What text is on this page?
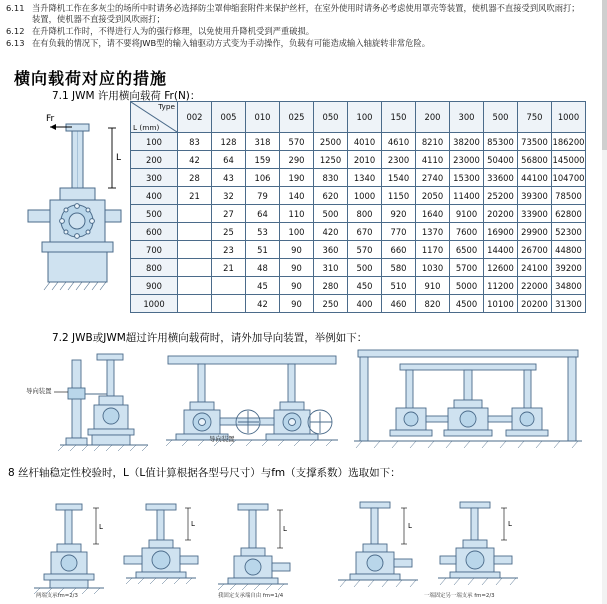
6.11 当升降机工作在多灰尘的场所中时请务必选择防尘罩伸缩套附件来保护丝杆，在室外使用时请务必考虑使用罩壳等装置，使机器不直接受到风吹雨打；
装置，使机器不直接受到风吹雨打；
6.12 在升降机工作时，不得进行人为的强行修理，以免使用升降机受到严重破损。
6.13 在有负载的情况下，请不要将JWB型的输入轴驱动方式变为手动操作，负载有可能造成输入轴旋转非常危险。
横向载荷对应的措施
7.1 JWM 许用横向载荷 Fr(N)：
Fr
L
Type
L (mm)	002	005	010	025	050	100	150	200	300	500	750	1000
100	83	128	318	570	2500	4010	4610	8210	38200	85300	73500	186200
200	42	64	159	290	1250	2010	2300	4110	23000	50400	56800	145000
300	28	43	106	190	830	1340	1540	2740	15300	33600	44100	104700
400	21	32	79	140	620	1000	1150	2050	11400	25200	39300	78500
500		27	64	110	500	800	920	1640	9100	20200	33900	62800
600		25	53	100	420	670	770	1370	7600	16900	29900	52300
700		23	51	90	360	570	660	1170	6500	14400	26700	44800
800		21	48	90	310	500	580	1030	5700	12600	24100	39200
900			45	90	280	450	510	910	5000	11200	22000	34800
1000			42	90	250	400	460	820	4500	10100	20200	31300
7.2 JWB或JWM超过许用横向载荷时，请外加导向装置，举例如下：
导向装置
导向装置
8 丝杆轴稳定性校验时，L（L值计算根据各型号尺寸）与fm（支撑系数）选取如下：
L	L
L	L	L
两端支承fm=2/3	我固定支承端自由 fm=1/4	一端固定另一端支承 fm=2/3
